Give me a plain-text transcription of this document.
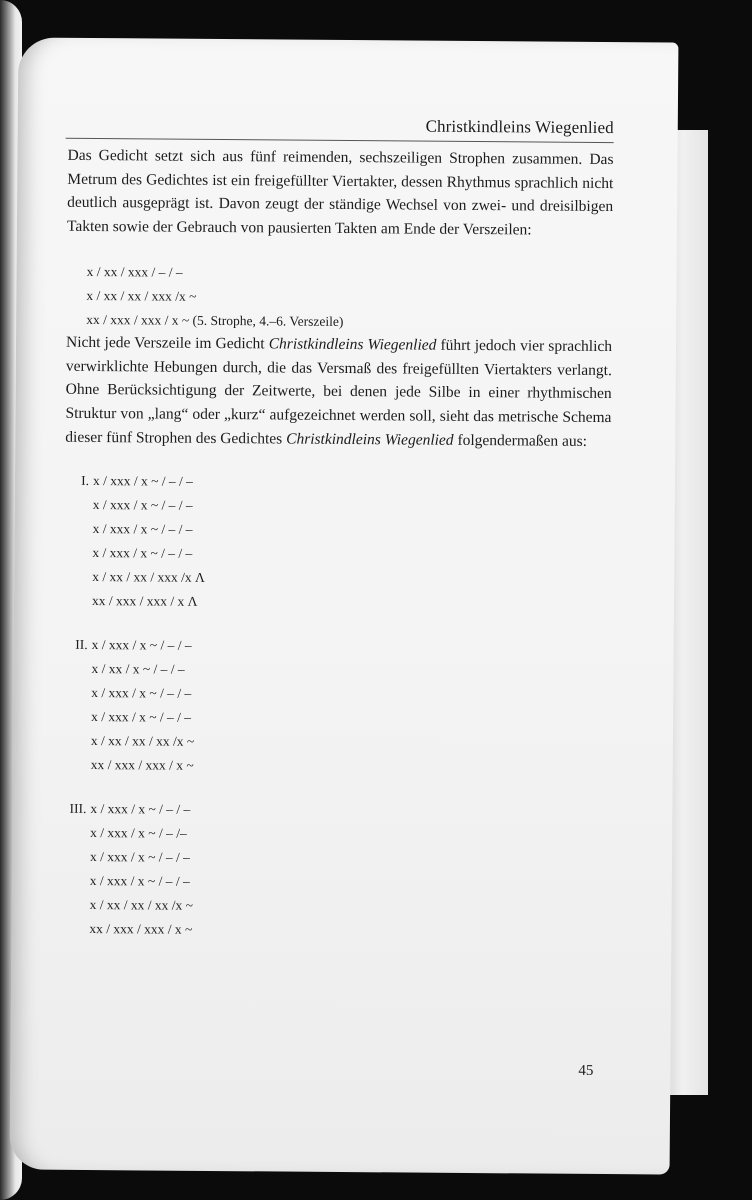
Christkindleins Wiegenlied

Das Gedicht setzt sich aus fünf reimenden, sechszeiligen Strophen zusammen. Das Metrum des Gedichtes ist ein freigefüllter Viertakter, dessen Rhythmus sprachlich nicht deutlich ausgeprägt ist. Davon zeugt der ständige Wechsel von zwei- und dreisilbigen Takten sowie der Gebrauch von pausierten Takten am Ende der Verszeilen:

x / xx / xxx / – / –
x / xx / xx / xxx /x ~
xx / xxx / xxx / x ~ (5. Strophe, 4.–6. Verszeile)

Nicht jede Verszeile im Gedicht Christkindleins Wiegenlied führt jedoch vier sprachlich verwirklichte Hebungen durch, die das Versmaß des freigefüllten Viertakters verlangt. Ohne Berücksichtigung der Zeitwerte, bei denen jede Silbe in einer rhythmischen Struktur von „lang“ oder „kurz“ aufgezeichnet werden soll, sieht das metrische Schema dieser fünf Strophen des Gedichtes Christkindleins Wiegenlied folgendermaßen aus:

I. x / xxx / x ~ / – / –
x / xxx / x ~ / – / –
x / xxx / x ~ / – / –
x / xxx / x ~ / – / –
x / xx / xx / xxx /x Λ
xx / xxx / xxx / x Λ
II. x / xxx / x ~ / – / –
x / xx / x ~ / – / –
x / xxx / x ~ / – / –
x / xxx / x ~ / – / –
x / xx / xx / xx /x ~
xx / xxx / xxx / x ~
III. x / xxx / x ~ / – / –
x / xxx / x ~ / – /–
x / xxx / x ~ / – / –
x / xxx / x ~ / – / –
x / xx / xx / xx /x ~
xx / xxx / xxx / x ~
45
